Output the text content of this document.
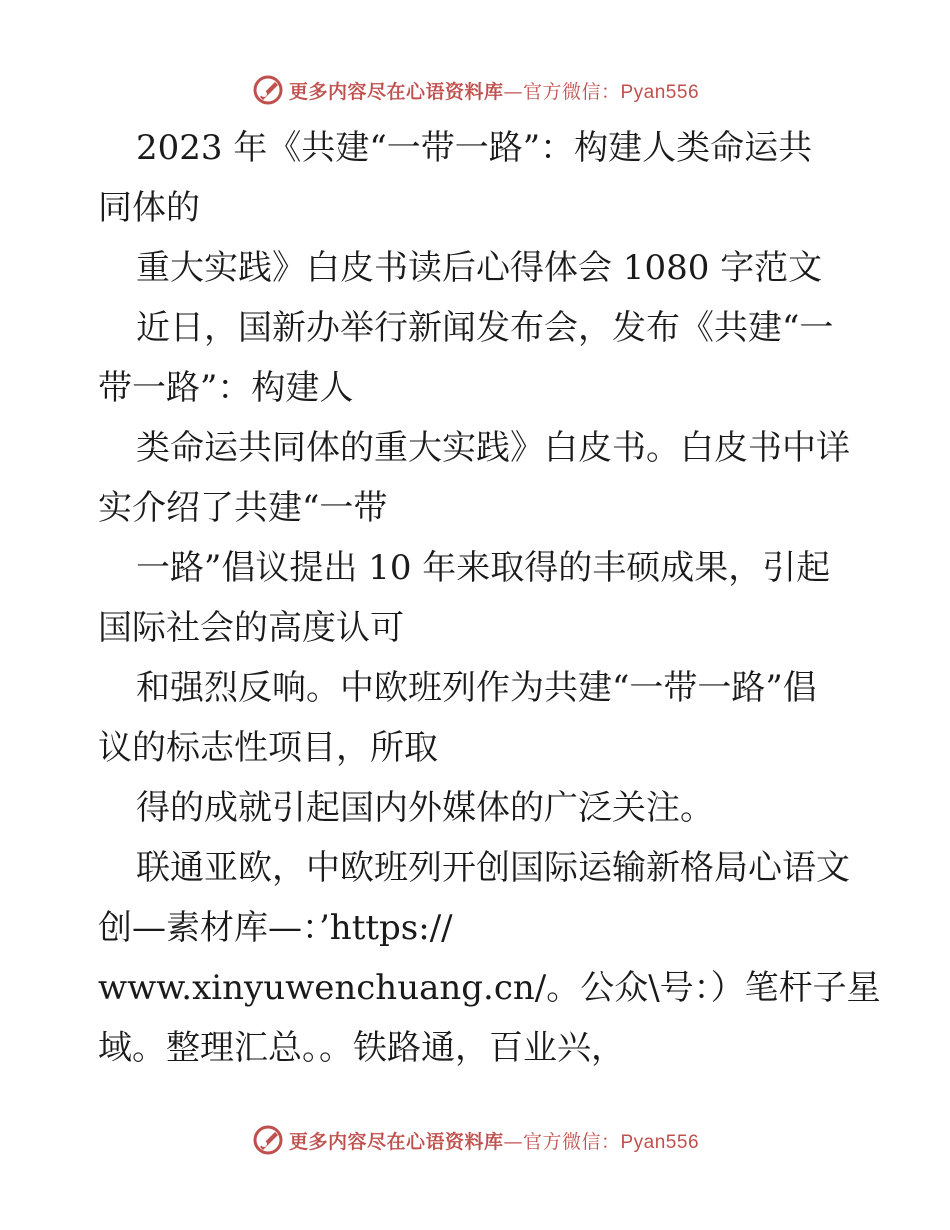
更多内容尽在心语资料库—官方微信：Pyan556
2023 年《共建“一带一路”：构建人类命运共
同体的
重大实践》白皮书读后心得体会 1080 字范文
近日，国新办举行新闻发布会，发布《共建“一
带一路”：构建人
类命运共同体的重大实践》白皮书。白皮书中详
实介绍了共建“一带
一路”倡议提出 10 年来取得的丰硕成果，引起
国际社会的高度认可
和强烈反响。中欧班列作为共建“一带一路”倡
议的标志性项目，所取
得的成就引起国内外媒体的广泛关注。
联通亚欧，中欧班列开创国际运输新格局心语文
创—素材库—：’https://
www.xinyuwenchuang.cn/。公众\号：）笔杆子星
域。整理汇总。。铁路通，百业兴，
更多内容尽在心语资料库—官方微信：Pyan556
